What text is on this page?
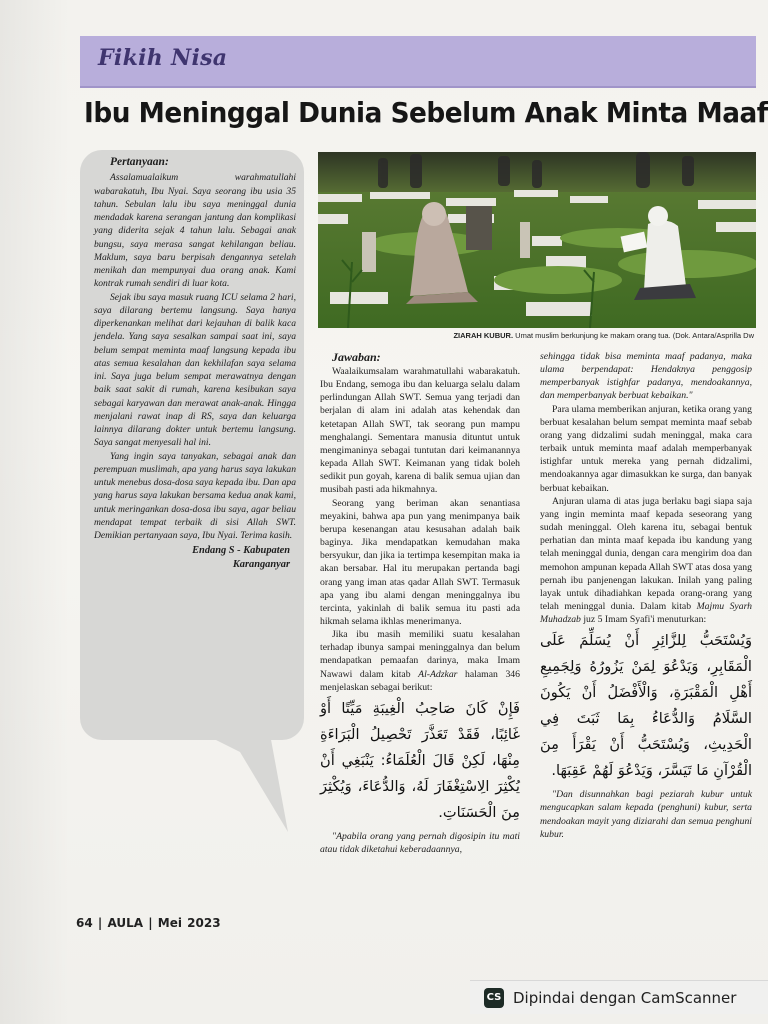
Fikih Nisa
Ibu Meninggal Dunia Sebelum Anak Minta Maaf
Pertanyaan:

Assalamualaikum warahmatullahi wabarakatuh, Ibu Nyai. Saya seorang ibu usia 35 tahun. Sebulan lalu ibu saya meninggal dunia mendadak karena serangan jantung dan komplikasi yang diderita sejak 4 tahun lalu. Sebagai anak bungsu, saya merasa sangat kehilangan beliau. Maklum, saya baru berpisah dengannya setelah menikah dan mempunyai dua orang anak. Kami kontrak rumah sendiri di luar kota.

Sejak ibu saya masuk ruang ICU selama 2 hari, saya dilarang bertemu langsung. Saya hanya diperkenankan melihat dari kejauhan di balik kaca jendela. Yang saya sesalkan sampai saat ini, saya belum sempat meminta maaf langsung kepada ibu atas semua kesalahan dan kekhilafan saya selama ini. Saya juga belum sempat merawatnya dengan baik saat sakit di rumah, karena kesibukan saya sebagai karyawan dan merawat anak-anak. Hingga menjalani rawat inap di RS, saya dan keluarga lainnya dilarang dokter untuk bertemu langsung. Saya sangat menyesali hal ini.

Yang ingin saya tanyakan, sebagai anak dan perempuan muslimah, apa yang harus saya lakukan untuk menebus dosa-dosa saya kepada ibu. Dan apa yang harus saya lakukan bersama kedua anak kami, untuk meringankan dosa-dosa ibu saya, agar beliau mendapat tempat terbaik di sisi Allah SWT. Demikian pertanyaan saya, Ibu Nyai. Terima kasih.

Endang S - Kabupaten
Karanganyar
ZIARAH KUBUR. Umat muslim berkunjung ke makam orang tua. (Dok. Antara/Asprilla Dw
Jawaban:

Waalaikumsalam warahmatullahi wabarakatuh. Ibu Endang, semoga ibu dan keluarga selalu dalam perlindungan Allah SWT. Semua yang terjadi dan berjalan di alam ini adalah atas kehendak dan ketetapan Allah SWT, tak seorang pun mampu menghalangi. Sementara manusia dituntut untuk mengimaninya sebagai tuntutan dari keimanannya kepada Allah SWT. Keimanan yang tidak boleh sedikit pun goyah, karena di balik semua ujian dan musibah pasti ada hikmahnya.

Seorang yang beriman akan senantiasa meyakini, bahwa apa pun yang menimpanya baik berupa kesenangan atau kesusahan adalah baik baginya. Jika mendapatkan kemudahan maka bersyukur, dan jika ia tertimpa kesempitan maka ia akan bersabar. Hal itu merupakan pertanda bagi orang yang iman atas qadar Allah SWT. Termasuk apa yang ibu alami dengan meninggalnya ibu tercinta, yakinlah di balik semua itu pasti ada hikmah selama ikhlas menerimanya.

Jika ibu masih memiliki suatu kesalahan terhadap ibunya sampai meninggalnya dan belum mendapatkan pemaafan darinya, maka Imam Nawawi dalam kitab Al-Adzkar halaman 346 menjelaskan sebagai berikut:

فَإِنْ كَانَ صَاحِبُ الْغِيبَةِ مَيِّتًا أَوْ غَائِبًا، فَقَدْ تَعَذَّرَ تَحْصِيلُ الْبَرَاءَةِ مِنْهَا، لَكِنْ قَالَ الْعُلَمَاءُ: يَنْبَغِي أَنْ يُكْثِرَ الِاسْتِغْفَارَ لَهُ، وَالدُّعَاءَ، وَيُكْثِرَ مِنَ الْحَسَنَاتِ.

"Apabila orang yang pernah digosipin itu mati atau tidak diketahui keberadaannya,

sehingga tidak bisa meminta maaf padanya, maka ulama berpendapat: Hendaknya penggosip memperbanyak istighfar padanya, mendoakannya, dan memperbanyak berbuat kebaikan."

Para ulama memberikan anjuran, ketika orang yang berbuat kesalahan belum sempat meminta maaf sebab orang yang didzalimi sudah meninggal, maka cara terbaik untuk meminta maaf adalah memperbanyak istighfar untuk mereka yang pernah didzalimi, mendoakannya agar dimasukkan ke surga, dan banyak berbuat kebaikan.

Anjuran ulama di atas juga berlaku bagi siapa saja yang ingin meminta maaf kepada seseorang yang sudah meninggal. Oleh karena itu, sebagai bentuk perhatian dan minta maaf kepada ibu kandung yang telah meninggal dunia, dengan cara mengirim doa dan memohon ampunan kepada Allah SWT atas dosa yang pernah ibu panjenengan lakukan. Inilah yang paling layak untuk dihadiahkan kepada orang-orang yang telah meninggal dunia. Dalam kitab Majmu Syarh Muhadzab juz 5 Imam Syafi'i menuturkan:

وَيُسْتَحَبُّ لِلزَّائِرِ أَنْ يُسَلِّمَ عَلَى الْمَقَابِرِ، وَيَدْعُوَ لِمَنْ يَزُورُهُ وَلِجَمِيعِ أَهْلِ الْمَقْبَرَةِ، وَالْأَفْضَلُ أَنْ يَكُونَ السَّلَامُ وَالدُّعَاءُ بِمَا ثَبَتَ فِي الْحَدِيثِ، وَيُسْتَحَبُّ أَنْ يَقْرَأَ مِنَ الْقُرْآنِ مَا تَيَسَّرَ، وَيَدْعُوَ لَهُمْ عَقِبَهَا.

"Dan disunnahkan bagi peziarah kubur untuk mengucapkan salam kepada (penghuni) kubur, serta mendoakan mayit yang diziarahi dan semua penghuni kubur.

64 | AULA | Mei 2023
CS Dipindai dengan CamScanner
